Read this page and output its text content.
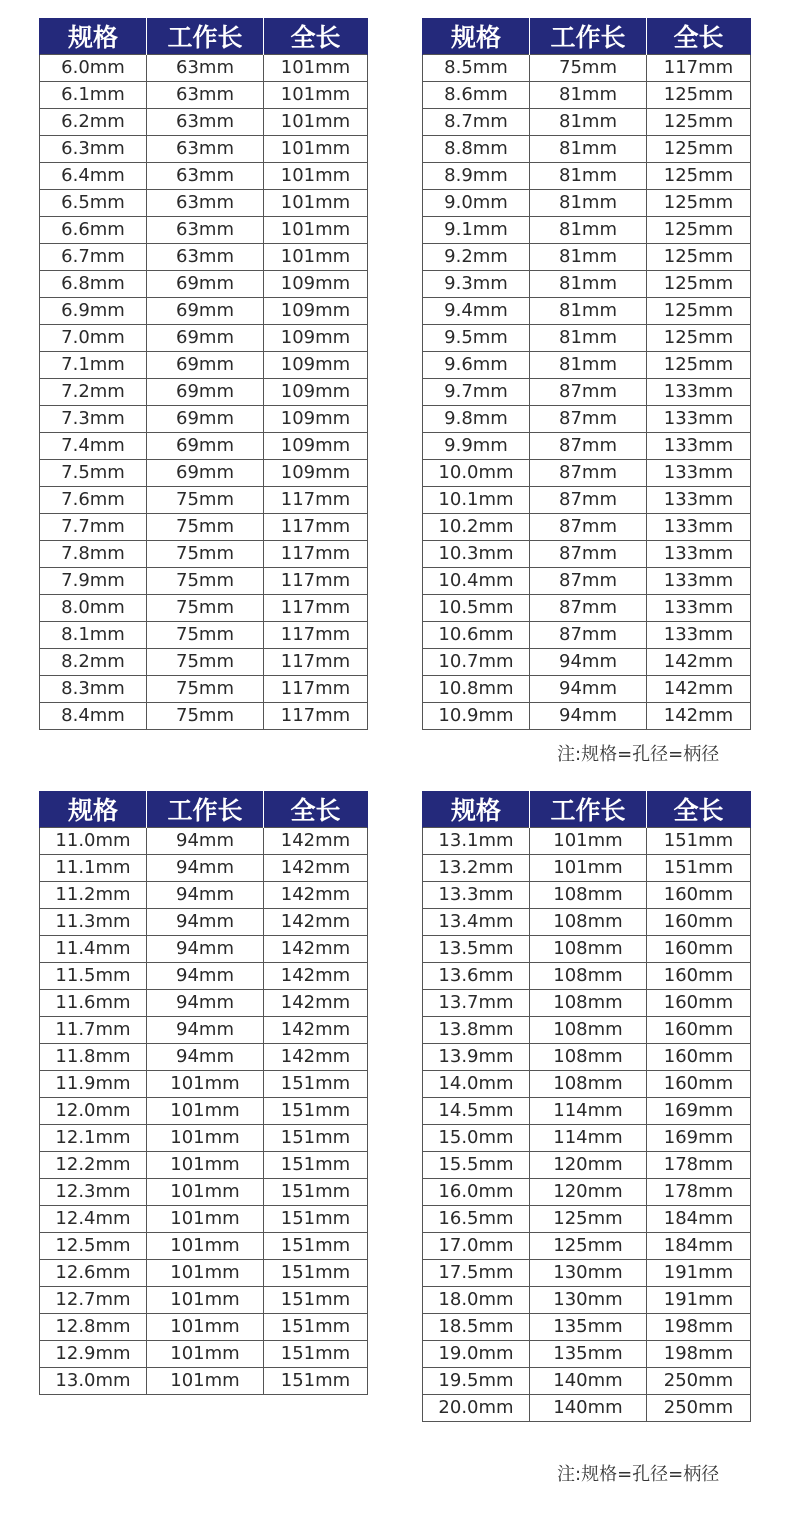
规格	工作长	全长
6.0mm	63mm	101mm
6.1mm	63mm	101mm
6.2mm	63mm	101mm
6.3mm	63mm	101mm
6.4mm	63mm	101mm
6.5mm	63mm	101mm
6.6mm	63mm	101mm
6.7mm	63mm	101mm
6.8mm	69mm	109mm
6.9mm	69mm	109mm
7.0mm	69mm	109mm
7.1mm	69mm	109mm
7.2mm	69mm	109mm
7.3mm	69mm	109mm
7.4mm	69mm	109mm
7.5mm	69mm	109mm
7.6mm	75mm	117mm
7.7mm	75mm	117mm
7.8mm	75mm	117mm
7.9mm	75mm	117mm
8.0mm	75mm	117mm
8.1mm	75mm	117mm
8.2mm	75mm	117mm
8.3mm	75mm	117mm
8.4mm	75mm	117mm
规格	工作长	全长
8.5mm	75mm	117mm
8.6mm	81mm	125mm
8.7mm	81mm	125mm
8.8mm	81mm	125mm
8.9mm	81mm	125mm
9.0mm	81mm	125mm
9.1mm	81mm	125mm
9.2mm	81mm	125mm
9.3mm	81mm	125mm
9.4mm	81mm	125mm
9.5mm	81mm	125mm
9.6mm	81mm	125mm
9.7mm	87mm	133mm
9.8mm	87mm	133mm
9.9mm	87mm	133mm
10.0mm	87mm	133mm
10.1mm	87mm	133mm
10.2mm	87mm	133mm
10.3mm	87mm	133mm
10.4mm	87mm	133mm
10.5mm	87mm	133mm
10.6mm	87mm	133mm
10.7mm	94mm	142mm
10.8mm	94mm	142mm
10.9mm	94mm	142mm
注:规格=孔径=柄径
规格	工作长	全长
11.0mm	94mm	142mm
11.1mm	94mm	142mm
11.2mm	94mm	142mm
11.3mm	94mm	142mm
11.4mm	94mm	142mm
11.5mm	94mm	142mm
11.6mm	94mm	142mm
11.7mm	94mm	142mm
11.8mm	94mm	142mm
11.9mm	101mm	151mm
12.0mm	101mm	151mm
12.1mm	101mm	151mm
12.2mm	101mm	151mm
12.3mm	101mm	151mm
12.4mm	101mm	151mm
12.5mm	101mm	151mm
12.6mm	101mm	151mm
12.7mm	101mm	151mm
12.8mm	101mm	151mm
12.9mm	101mm	151mm
13.0mm	101mm	151mm
规格	工作长	全长
13.1mm	101mm	151mm
13.2mm	101mm	151mm
13.3mm	108mm	160mm
13.4mm	108mm	160mm
13.5mm	108mm	160mm
13.6mm	108mm	160mm
13.7mm	108mm	160mm
13.8mm	108mm	160mm
13.9mm	108mm	160mm
14.0mm	108mm	160mm
14.5mm	114mm	169mm
15.0mm	114mm	169mm
15.5mm	120mm	178mm
16.0mm	120mm	178mm
16.5mm	125mm	184mm
17.0mm	125mm	184mm
17.5mm	130mm	191mm
18.0mm	130mm	191mm
18.5mm	135mm	198mm
19.0mm	135mm	198mm
19.5mm	140mm	250mm
20.0mm	140mm	250mm
注:规格=孔径=柄径
